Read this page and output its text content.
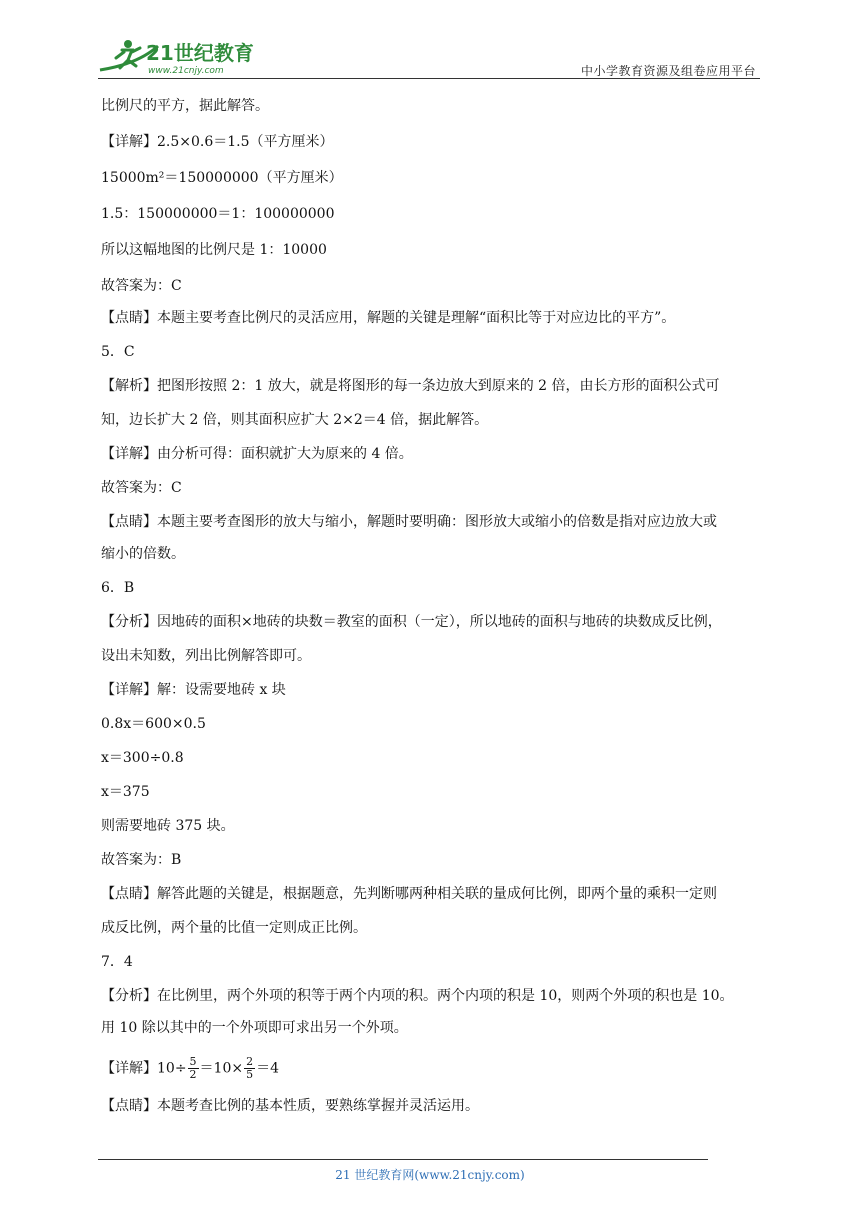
21世纪教育
www.21cnjy.com	中小学教育资源及组卷应用平台
比例尺的平方，据此解答。
【详解】2.5×0.6＝1.5（平方厘米）
15000m²＝150000000（平方厘米）
1.5：150000000＝1：100000000
所以这幅地图的比例尺是 1：10000
故答案为：C
【点睛】本题主要考查比例尺的灵活应用，解题的关键是理解“面积比等于对应边比的平方”。
5．C
【解析】把图形按照 2：1 放大，就是将图形的每一条边放大到原来的 2 倍，由长方形的面积公式可
知，边长扩大 2 倍，则其面积应扩大 2×2＝4 倍，据此解答。
【详解】由分析可得：面积就扩大为原来的 4 倍。
故答案为：C
【点睛】本题主要考查图形的放大与缩小，解题时要明确：图形放大或缩小的倍数是指对应边放大或
缩小的倍数。
6．B
【分析】因地砖的面积×地砖的块数＝教室的面积（一定），所以地砖的面积与地砖的块数成反比例，
设出未知数，列出比例解答即可。
【详解】解：设需要地砖 x 块
0.8x＝600×0.5
x＝300÷0.8
x＝375
则需要地砖 375 块。
故答案为：B
【点睛】解答此题的关键是，根据题意，先判断哪两种相关联的量成何比例，即两个量的乘积一定则
成反比例，两个量的比值一定则成正比例。
7．4
【分析】在比例里，两个外项的积等于两个内项的积。两个内项的积是 10，则两个外项的积也是 10。
用 10 除以其中的一个外项即可求出另一个外项。
【详解】$10\div \frac{5}{2} =10\times \frac{2}{5} =4$
【点睛】本题考查比例的基本性质，要熟练掌握并灵活运用。
21 世纪教育网(www.21cnjy.com)
